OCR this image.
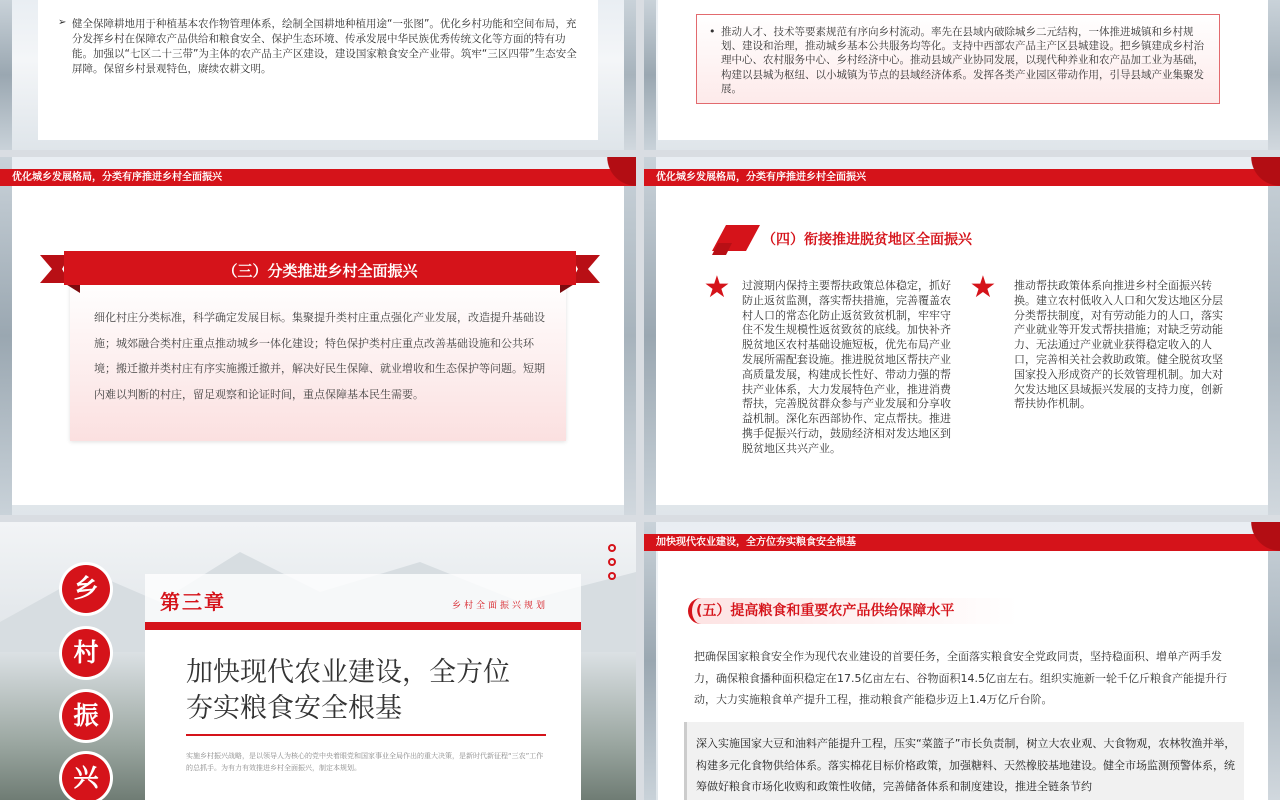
➢ 健全保障耕地用于种植基本农作物管理体系，绘制全国耕地种植用途“一张图”。优化乡村功能和空间布局，充分发挥乡村在保障农产品供给和粮食安全、保护生态环境、传承发展中华民族优秀传统文化等方面的特有功能。加强以“七区二十三带”为主体的农产品主产区建设，建设国家粮食安全产业带。筑牢“三区四带”生态安全屏障。保留乡村景观特色，赓续农耕文明。

• 推动人才、技术等要素规范有序向乡村流动。率先在县域内破除城乡二元结构，一体推进城镇和乡村规划、建设和治理，推动城乡基本公共服务均等化。支持中西部农产品主产区县城建设。把乡镇建成乡村治理中心、农村服务中心、乡村经济中心。推动县域产业协同发展，以现代种养业和农产品加工业为基础，构建以县城为枢纽、以小城镇为节点的县域经济体系。发挥各类产业园区带动作用，引导县域产业集聚发展。

优化城乡发展格局，分类有序推进乡村全面振兴
（三）分类推进乡村全面振兴

细化村庄分类标准，科学确定发展目标。集聚提升类村庄重点强化产业发展，改造提升基础设施；城郊融合类村庄重点推动城乡一体化建设；特色保护类村庄重点改善基础设施和公共环境；搬迁撤并类村庄有序实施搬迁撤并，解决好民生保障、就业增收和生态保护等问题。短期内难以判断的村庄，留足观察和论证时间，重点保障基本民生需要。

优化城乡发展格局，分类有序推进乡村全面振兴
（四）衔接推进脱贫地区全面振兴
★ 过渡期内保持主要帮扶政策总体稳定，抓好防止返贫监测，落实帮扶措施，完善覆盖农村人口的常态化防止返贫致贫机制，牢牢守住不发生规模性返贫致贫的底线。加快补齐脱贫地区农村基础设施短板，优先布局产业发展所需配套设施。推进脱贫地区帮扶产业高质量发展，构建成长性好、带动力强的帮扶产业体系，大力发展特色产业，推进消费帮扶，完善脱贫群众参与产业发展和分享收益机制。深化东西部协作、定点帮扶。推进携手促振兴行动，鼓励经济相对发达地区到脱贫地区共兴产业。

★ 推动帮扶政策体系向推进乡村全面振兴转换。建立农村低收入人口和欠发达地区分层分类帮扶制度，对有劳动能力的人口，落实产业就业等开发式帮扶措施；对缺乏劳动能力、无法通过产业就业获得稳定收入的人口，完善相关社会救助政策。健全脱贫攻坚国家投入形成资产的长效管理机制。加大对欠发达地区县域振兴发展的支持力度，创新帮扶协作机制。

乡
村
振
兴
第三章	乡村全面振兴规划
加快现代农业建设，全方位
夯实粮食安全根基

实施乡村振兴战略，是以领导人为核心的党中央着眼党和国家事业全局作出的重大决策，是新时代新征程“三农”工作的总抓手。为有力有效推进乡村全面振兴，制定本规划。

加快现代农业建设，全方位夯实粮食安全根基
(五）提高粮食和重要农产品供给保障水平

把确保国家粮食安全作为现代农业建设的首要任务，全面落实粮食安全党政同责，坚持稳面积、增单产两手发力，确保粮食播种面积稳定在17.5亿亩左右、谷物面积14.5亿亩左右。组织实施新一轮千亿斤粮食产能提升行动，大力实施粮食单产提升工程，推动粮食产能稳步迈上1.4万亿斤台阶。

深入实施国家大豆和油料产能提升工程，压实“菜篮子”市长负责制，树立大农业观、大食物观，农林牧渔并举，构建多元化食物供给体系。落实棉花目标价格政策，加强糖料、天然橡胶基地建设。健全市场监测预警体系，统筹做好粮食市场化收购和政策性收储，完善储备体系和制度建设，推进全链条节约
